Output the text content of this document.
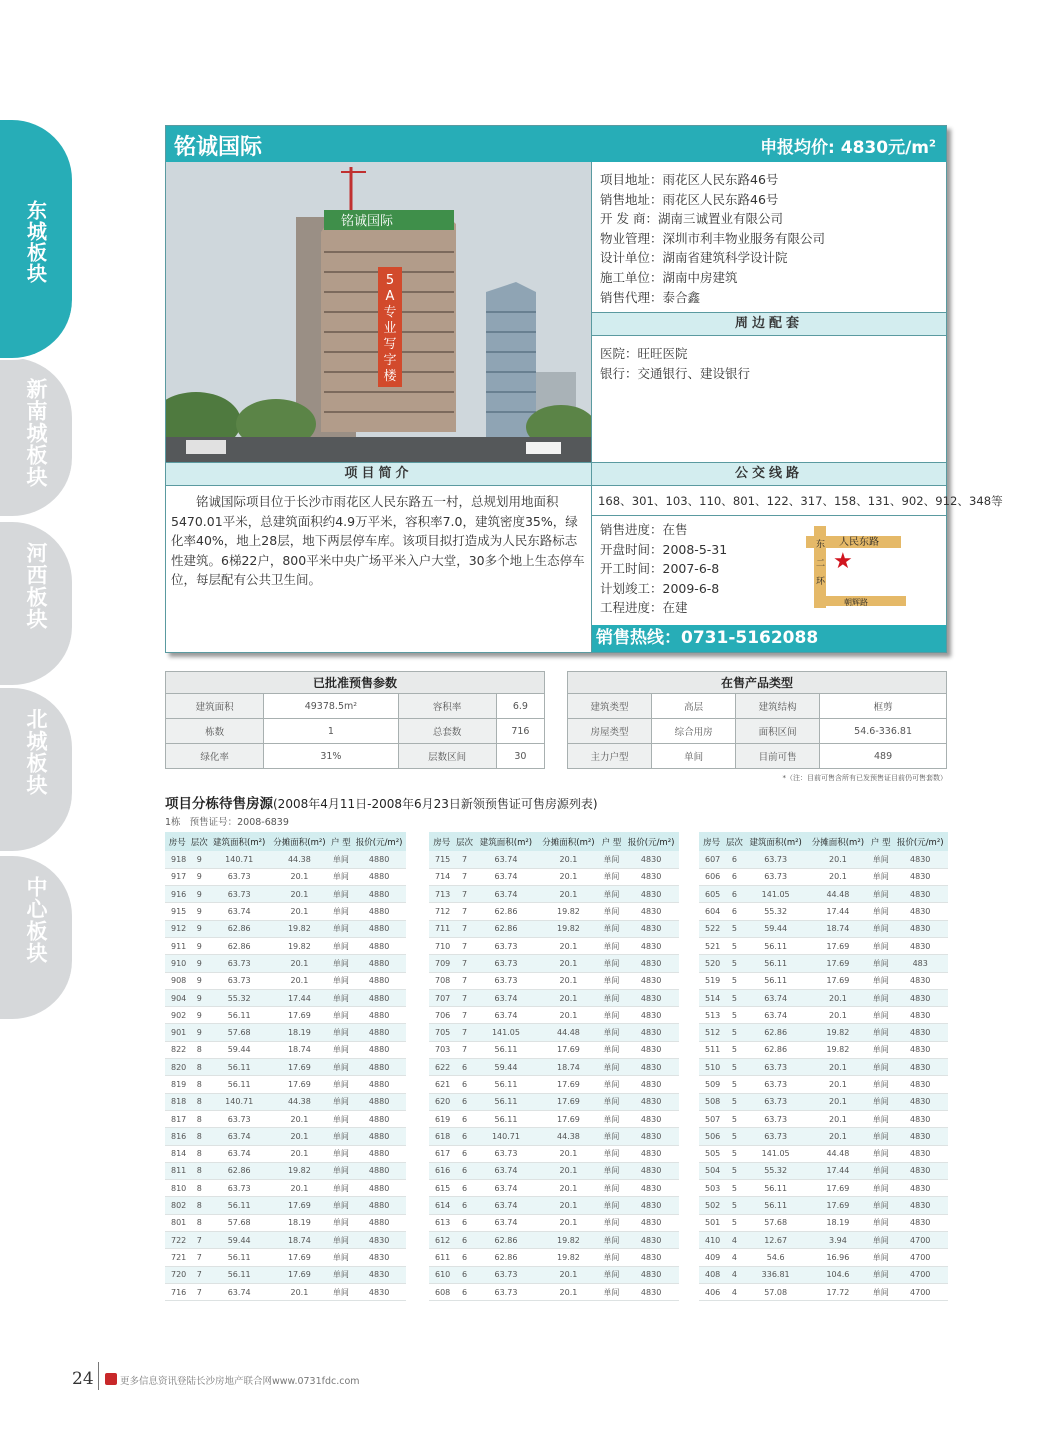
东城板块
新南城板块
河西板块
北城板块
中心板块
铭诚国际	申报均价: 4830元$/m^2$
铭诚国际
5 A 专业写字楼
项目地址：雨花区人民东路46号
销售地址：雨花区人民东路46号
开 发 商：湖南三诚置业有限公司
物业管理：深圳市利丰物业服务有限公司
设计单位：湖南省建筑科学设计院
施工单位：湖南中房建筑
销售代理：泰合鑫
周边配套
医院：旺旺医院
银行：交通银行、建设银行
项目简介
铭诚国际项目位于长沙市雨花区人民东路五一村，总规划用地面积5470.01平米，总建筑面积约4.9万平米，容积率7.0，建筑密度35%，绿化率40%，地上28层，地下两层停车库。该项目拟打造成为人民东路标志性建筑。6梯22户，800平米中央广场平米入户大堂，30多个地上生态停车位，每层配有公共卫生间。
公交线路
168、301、103、110、801、122、317、158、131、902、912、348等
销售进度：在售
开盘时间：2008-5-31
开工时间：2007-6-8
计划竣工：2009-6-8
工程进度：在建
人民东路
东
二
环
朝辉路
★
销售热线：0731-5162088
已批准预售参数			
建筑面积	49378.5m²	容积率	6.9
栋数	1	总套数	716
绿化率	31%	层数区间	30
在售产品类型			
建筑类型	高层	建筑结构	框剪
房屋类型	综合用房	面积区间	54.6-336.81
主力户型	单间	目前可售	489
*（注：目前可售含所有已发预售证目前仍可售套数）
项目分栋待售房源(2008年4月11日-2008年6月23日新领预售证可售房源列表)
1栋   预售证号：2008-6839
房号	层次	建筑面积(m²)	分摊面积(m²)	户 型	报价(元/m²)
918	9	140.71	44.38	单间	4880
917	9	63.73	20.1	单间	4880
916	9	63.73	20.1	单间	4880
915	9	63.74	20.1	单间	4880
912	9	62.86	19.82	单间	4880
911	9	62.86	19.82	单间	4880
910	9	63.73	20.1	单间	4880
908	9	63.73	20.1	单间	4880
904	9	55.32	17.44	单间	4880
902	9	56.11	17.69	单间	4880
901	9	57.68	18.19	单间	4880
822	8	59.44	18.74	单间	4880
820	8	56.11	17.69	单间	4880
819	8	56.11	17.69	单间	4880
818	8	140.71	44.38	单间	4880
817	8	63.73	20.1	单间	4880
816	8	63.74	20.1	单间	4880
814	8	63.74	20.1	单间	4880
811	8	62.86	19.82	单间	4880
810	8	63.73	20.1	单间	4880
802	8	56.11	17.69	单间	4880
801	8	57.68	18.19	单间	4880
722	7	59.44	18.74	单间	4830
721	7	56.11	17.69	单间	4830
720	7	56.11	17.69	单间	4830
716	7	63.74	20.1	单间	4830
房号	层次	建筑面积(m²)	分摊面积(m²)	户 型	报价(元/m²)
715	7	63.74	20.1	单间	4830
714	7	63.74	20.1	单间	4830
713	7	63.74	20.1	单间	4830
712	7	62.86	19.82	单间	4830
711	7	62.86	19.82	单间	4830
710	7	63.73	20.1	单间	4830
709	7	63.73	20.1	单间	4830
708	7	63.73	20.1	单间	4830
707	7	63.74	20.1	单间	4830
706	7	63.74	20.1	单间	4830
705	7	141.05	44.48	单间	4830
703	7	56.11	17.69	单间	4830
622	6	59.44	18.74	单间	4830
621	6	56.11	17.69	单间	4830
620	6	56.11	17.69	单间	4830
619	6	56.11	17.69	单间	4830
618	6	140.71	44.38	单间	4830
617	6	63.73	20.1	单间	4830
616	6	63.74	20.1	单间	4830
615	6	63.74	20.1	单间	4830
614	6	63.74	20.1	单间	4830
613	6	63.74	20.1	单间	4830
612	6	62.86	19.82	单间	4830
611	6	62.86	19.82	单间	4830
610	6	63.73	20.1	单间	4830
608	6	63.73	20.1	单间	4830
房号	层次	建筑面积(m²)	分摊面积(m²)	户 型	报价(元/m²)
607	6	63.73	20.1	单间	4830
606	6	63.73	20.1	单间	4830
605	6	141.05	44.48	单间	4830
604	6	55.32	17.44	单间	4830
522	5	59.44	18.74	单间	4830
521	5	56.11	17.69	单间	4830
520	5	56.11	17.69	单间	483
519	5	56.11	17.69	单间	4830
514	5	63.74	20.1	单间	4830
513	5	63.74	20.1	单间	4830
512	5	62.86	19.82	单间	4830
511	5	62.86	19.82	单间	4830
510	5	63.73	20.1	单间	4830
509	5	63.73	20.1	单间	4830
508	5	63.73	20.1	单间	4830
507	5	63.73	20.1	单间	4830
506	5	63.73	20.1	单间	4830
505	5	141.05	44.48	单间	4830
504	5	55.32	17.44	单间	4830
503	5	56.11	17.69	单间	4830
502	5	56.11	17.69	单间	4830
501	5	57.68	18.19	单间	4830
410	4	12.67	3.94	单间	4700
409	4	54.6	16.96	单间	4700
408	4	336.81	104.6	单间	4700
406	4	57.08	17.72	单间	4700
24	更多信息资讯登陆长沙房地产联合网www.0731fdc.com
